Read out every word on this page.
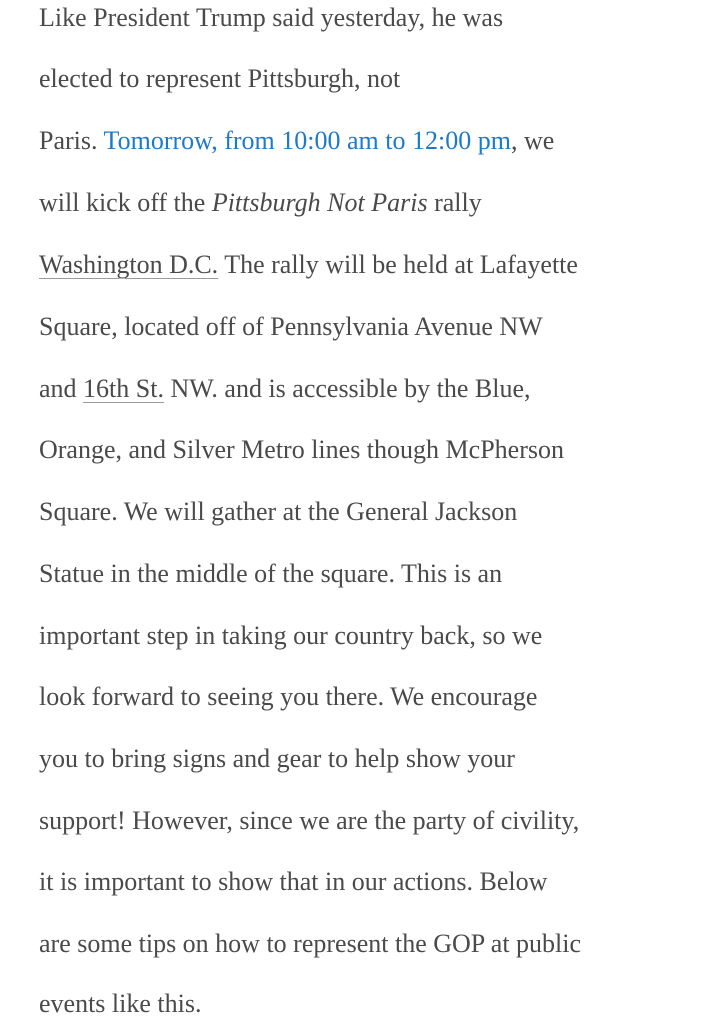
Like President Trump said yesterday, he was
elected to represent Pittsburgh, not
Paris. Tomorrow, from 10:00 am to 12:00 pm, we
will kick off the Pittsburgh Not Paris rally
Washington D.C. The rally will be held at Lafayette
Square, located off of Pennsylvania Avenue NW
and 16th St. NW. and is accessible by the Blue,
Orange, and Silver Metro lines though McPherson
Square. We will gather at the General Jackson
Statue in the middle of the square. This is an
important step in taking our country back, so we
look forward to seeing you there. We encourage
you to bring signs and gear to help show your
support! However, since we are the party of civility,
it is important to show that in our actions. Below
are some tips on how to represent the GOP at public
events like this.
